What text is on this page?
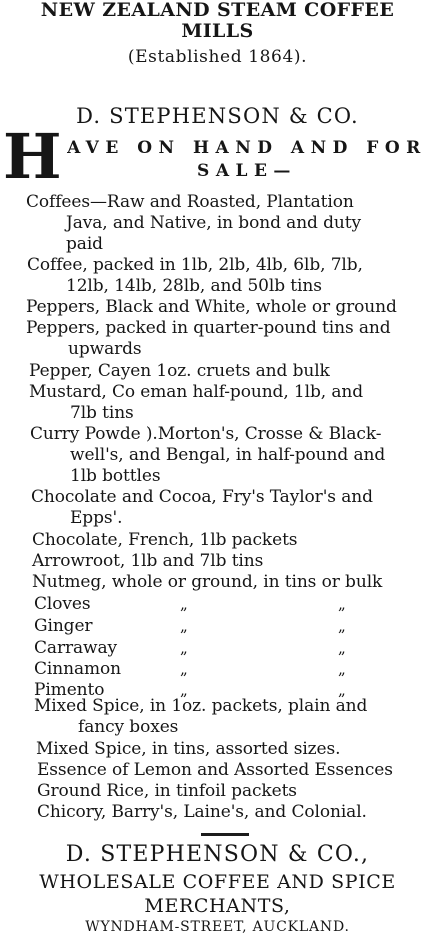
NEW ZEALAND STEAM COFFEE
MILLS
(Established 1864).
D. STEPHENSON & CO.
H AVE ON HAND AND FOR
SALE—
Coffees—Raw and Roasted, Plantation
Java, and Native, in bond and duty
paid
Coffee, packed in 1lb, 2lb, 4lb, 6lb, 7lb,
12lb, 14lb, 28lb, and 50lb tins
Peppers, Black and White, whole or ground
Peppers, packed in quarter-pound tins and
upwards
Pepper, Cayen 1oz. cruets and bulk
Mustard, Co eman half-pound, 1lb, and
7lb tins
Curry Powde ).Morton's, Crosse & Black-
well's, and Bengal, in half-pound and
1lb bottles
Chocolate and Cocoa, Fry's Taylor's and
Epps'.
Chocolate, French, 1lb packets
Arrowroot, 1lb and 7lb tins
Nutmeg, whole or ground, in tins or bulk
Cloves	„	„
Ginger	„	„
Carraway	„	„
Cinnamon	„	„
Pimento	„	„
Mixed Spice, in 1oz. packets, plain and
fancy boxes
Mixed Spice, in tins, assorted sizes.
Essence of Lemon and Assorted Essences
Ground Rice, in tinfoil packets
Chicory, Barry's, Laine's, and Colonial.
D. STEPHENSON & CO.,
WHOLESALE COFFEE AND SPICE
MERCHANTS,
WYNDHAM-STREET, AUCKLAND.
